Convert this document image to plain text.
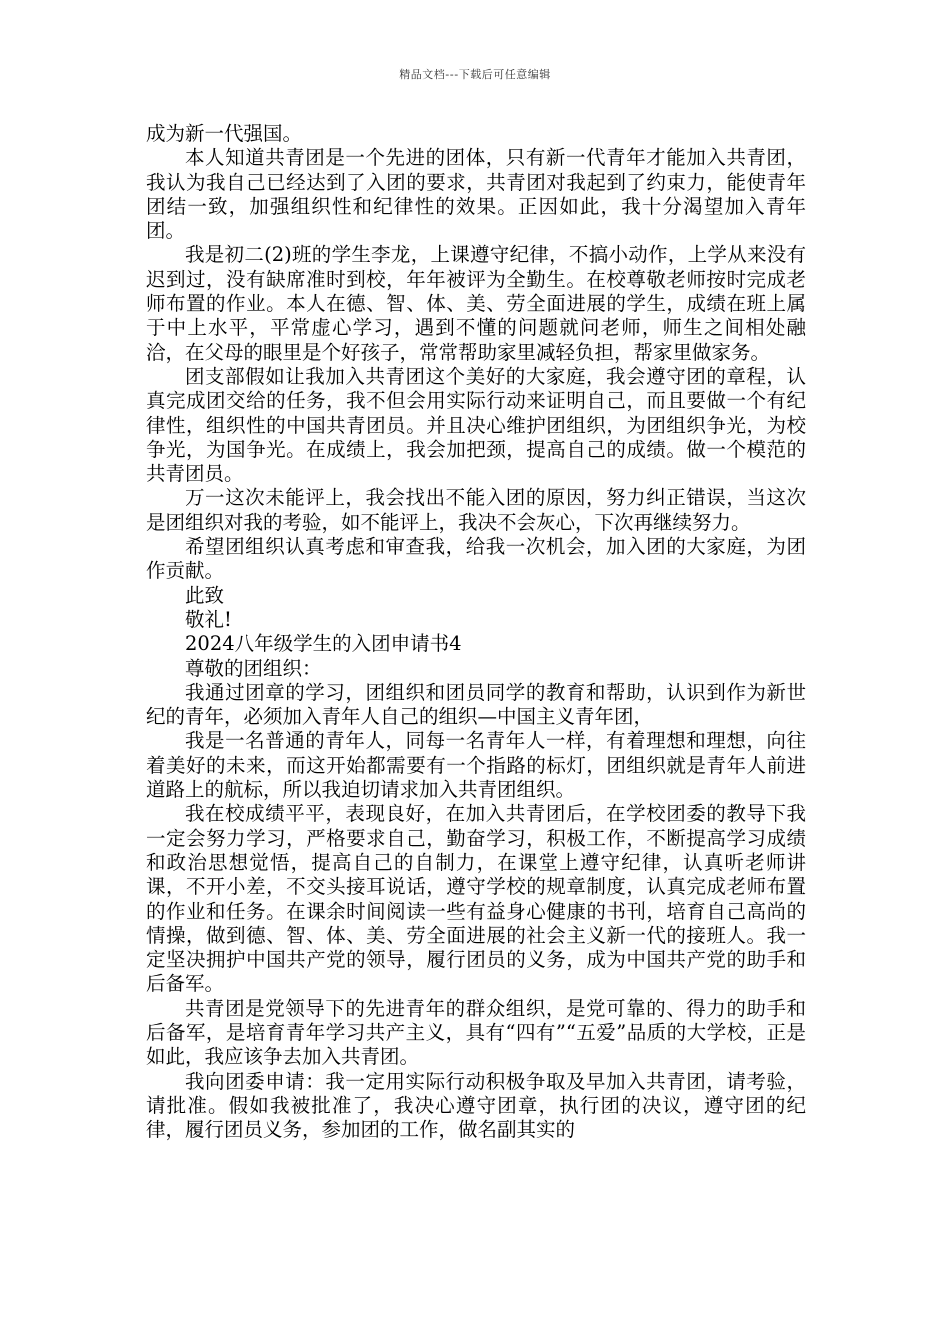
精品文档---下载后可任意编辑

成为新一代强国。

本人知道共青团是一个先进的团体，只有新一代青年才能加入共青团，我认为我自己已经达到了入团的要求，共青团对我起到了约束力，能使青年团结一致，加强组织性和纪律性的效果。正因如此，我十分渴望加入青年团。

我是初二(2)班的学生李龙，上课遵守纪律，不搞小动作，上学从来没有迟到过，没有缺席准时到校，年年被评为全勤生。在校尊敬老师按时完成老师布置的作业。本人在德、智、体、美、劳全面进展的学生，成绩在班上属于中上水平，平常虚心学习，遇到不懂的问题就问老师，师生之间相处融洽，在父母的眼里是个好孩子，常常帮助家里减轻负担，帮家里做家务。

团支部假如让我加入共青团这个美好的大家庭，我会遵守团的章程，认真完成团交给的任务，我不但会用实际行动来证明自己，而且要做一个有纪律性，组织性的中国共青团员。并且决心维护团组织，为团组织争光，为校争光，为国争光。在成绩上，我会加把颈，提高自己的成绩。做一个模范的共青团员。

万一这次未能评上，我会找出不能入团的原因，努力纠正错误，当这次是团组织对我的考验，如不能评上，我决不会灰心，下次再继续努力。

希望团组织认真考虑和审查我，给我一次机会，加入团的大家庭，为团作贡献。

此致

敬礼!

2024八年级学生的入团申请书4

尊敬的团组织：

我通过团章的学习，团组织和团员同学的教育和帮助，认识到作为新世纪的青年，必须加入青年人自己的组织—中国主义青年团，

我是一名普通的青年人，同每一名青年人一样，有着理想和理想，向往着美好的未来，而这开始都需要有一个指路的标灯，团组织就是青年人前进道路上的航标，所以我迫切请求加入共青团组织。

我在校成绩平平，表现良好，在加入共青团后，在学校团委的教导下我一定会努力学习，严格要求自己，勤奋学习，积极工作，不断提高学习成绩和政治思想觉悟，提高自己的自制力，在课堂上遵守纪律，认真听老师讲课，不开小差，不交头接耳说话，遵守学校的规章制度，认真完成老师布置的作业和任务。在课余时间阅读一些有益身心健康的书刊，培育自己高尚的情操，做到德、智、体、美、劳全面进展的社会主义新一代的接班人。我一定坚决拥护中国共产党的领导，履行团员的义务，成为中国共产党的助手和后备军。

共青团是党领导下的先进青年的群众组织，是党可靠的、得力的助手和后备军，是培育青年学习共产主义，具有“四有”“五爱”品质的大学校，正是如此，我应该争去加入共青团。

我向团委申请：我一定用实际行动积极争取及早加入共青团，请考验，请批准。假如我被批准了，我决心遵守团章，执行团的决议，遵守团的纪律，履行团员义务，参加团的工作，做名副其实的
